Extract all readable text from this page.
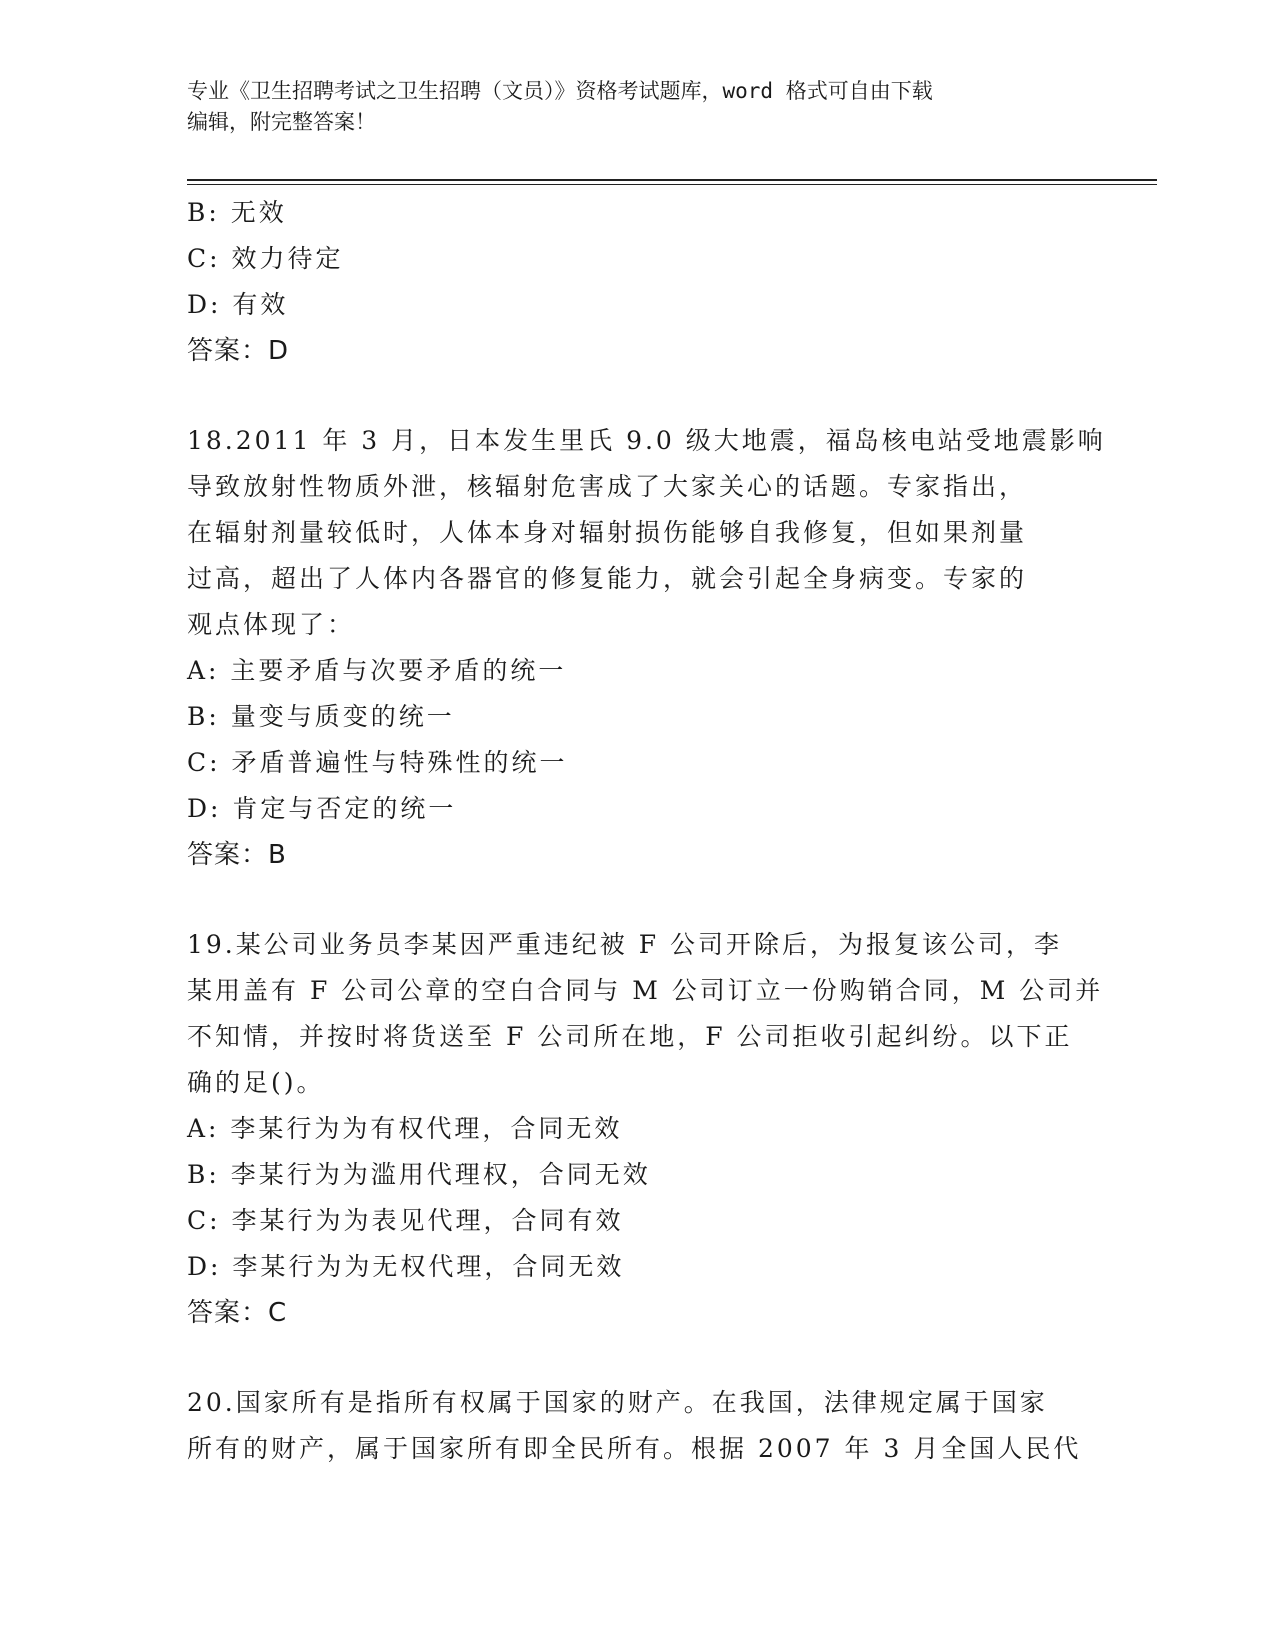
专业《卫生招聘考试之卫生招聘（文员）》资格考试题库，word 格式可自由下载
编辑，附完整答案！
B: 无效
C: 效力待定
D: 有效
答案：D
18.2011 年 3 月，日本发生里氏 9.0 级大地震，福岛核电站受地震影响
导致放射性物质外泄，核辐射危害成了大家关心的话题。专家指出，
在辐射剂量较低时，人体本身对辐射损伤能够自我修复，但如果剂量
过高，超出了人体内各器官的修复能力，就会引起全身病变。专家的
观点体现了：
A: 主要矛盾与次要矛盾的统一
B: 量变与质变的统一
C: 矛盾普遍性与特殊性的统一
D: 肯定与否定的统一
答案：B
19.某公司业务员李某因严重违纪被 F 公司开除后，为报复该公司，李
某用盖有 F 公司公章的空白合同与 M 公司订立一份购销合同，M 公司并
不知情，并按时将货送至 F 公司所在地，F 公司拒收引起纠纷。以下正
确的足()。
A: 李某行为为有权代理，合同无效
B: 李某行为为滥用代理权，合同无效
C: 李某行为为表见代理，合同有效
D: 李某行为为无权代理，合同无效
答案：C
20.国家所有是指所有权属于国家的财产。在我国，法律规定属于国家
所有的财产，属于国家所有即全民所有。根据 2007 年 3 月全国人民代
